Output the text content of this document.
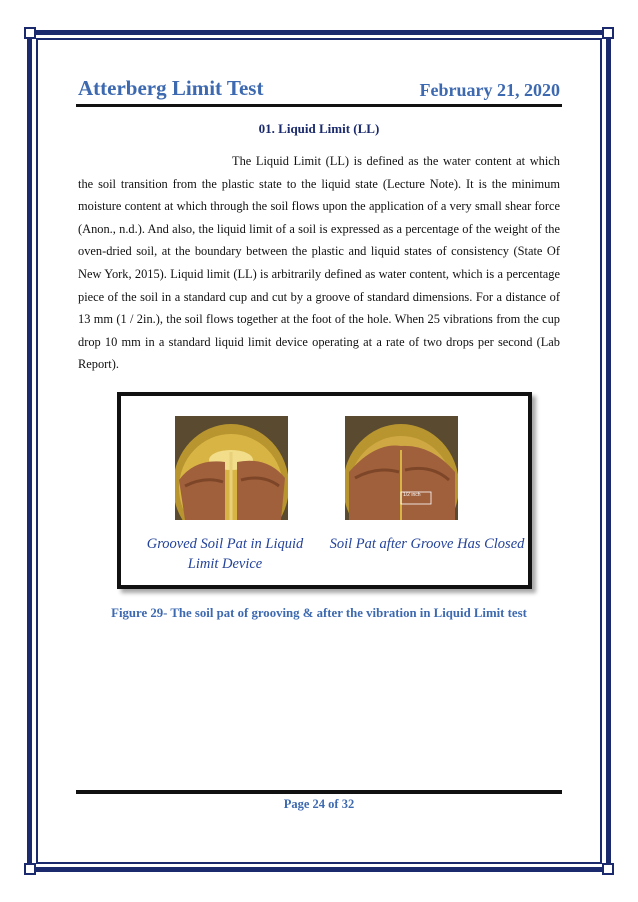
Atterberg Limit Test	February 21, 2020
01. Liquid Limit (LL)
The Liquid Limit (LL) is defined as the water content at which the soil transition from the plastic state to the liquid state (Lecture Note). It is the minimum moisture content at which through the soil flows upon the application of a very small shear force (Anon., n.d.). And also, the liquid limit of a soil is expressed as a percentage of the weight of the oven-dried soil, at the boundary between the plastic and liquid states of consistency (State Of New York, 2015). Liquid limit (LL) is arbitrarily defined as water content, which is a percentage piece of the soil in a standard cup and cut by a groove of standard dimensions. For a distance of 13 mm (1 / 2in.), the soil flows together at the foot of the hole. When 25 vibrations from the cup drop 10 mm in a standard liquid limit device operating at a rate of two drops per second (Lab Report).
1/2 inch
Grooved Soil Pat in Liquid
Limit Device
Soil Pat after Groove Has Closed
Figure 29- The soil pat of grooving & after the vibration in Liquid Limit test
Page 24 of 32
